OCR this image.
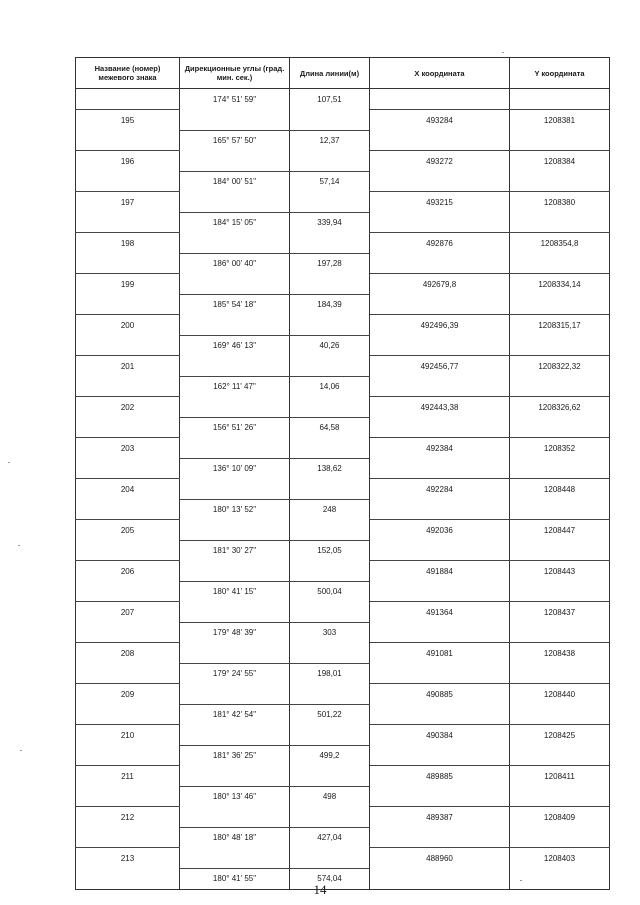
Название (номер) межевого знака	Дирекционные углы (град. мин. сек.)	Длина линии(м)	X координата	Y координата
	174° 51' 59"	107,51		
195			493284	1208381
	165° 57' 50"	12,37		
196			493272	1208384
	184° 00' 51"	57,14		
197			493215	1208380
	184° 15' 05"	339,94		
198			492876	1208354,8
	186° 00' 40"	197,28		
199			492679,8	1208334,14
	185° 54' 18"	184,39		
200			492496,39	1208315,17
	169° 46' 13"	40,26		
201			492456,77	1208322,32
	162° 11' 47"	14,06		
202			492443,38	1208326,62
	156° 51' 26"	64,58		
203			492384	1208352
	136° 10' 09"	138,62		
204			492284	1208448
	180° 13' 52"	248		
205			492036	1208447
	181° 30' 27"	152,05		
206			491884	1208443
	180° 41' 15"	500,04		
207			491364	1208437
	179° 48' 39"	303		
208			491081	1208438
	179° 24' 55"	198,01		
209			490885	1208440
	181° 42' 54"	501,22		
210			490384	1208425
	181° 36' 25"	499,2		
211			489885	1208411
	180° 13' 46"	498		
212			489387	1208409
	180° 48' 18"	427,04		
213			488960	1208403
	180° 41' 55"	574,04		
14
